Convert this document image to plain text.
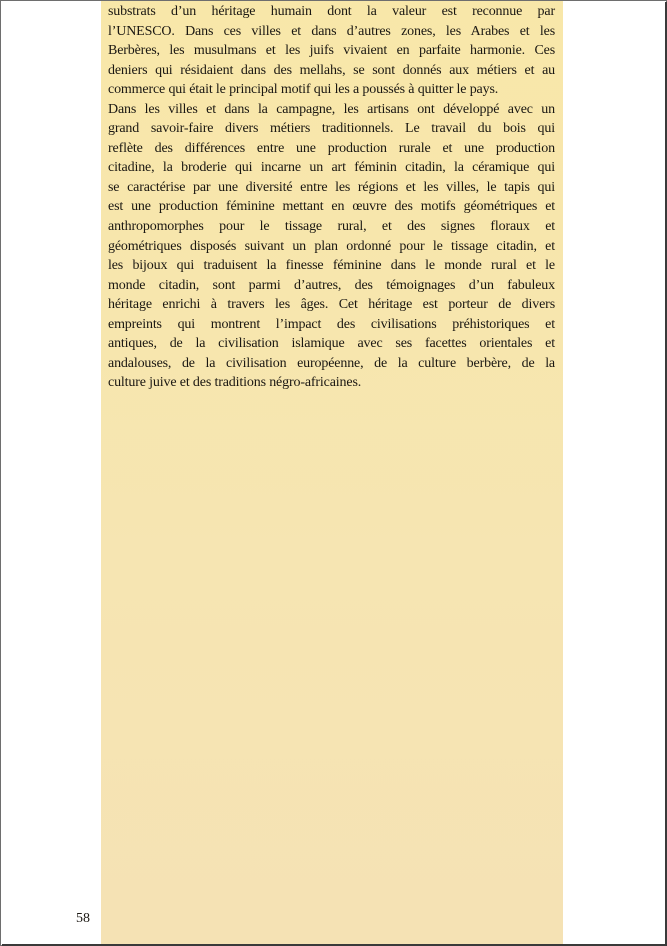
substrats d’un héritage humain dont la valeur est reconnue par
l’UNESCO. Dans ces villes et dans d’autres zones, les Arabes et les
Berbères, les musulmans et les juifs vivaient en parfaite harmonie. Ces
deniers qui résidaient dans des mellahs, se sont donnés aux métiers et au
commerce qui était le principal motif qui les a poussés à quitter le pays.
Dans les villes et dans la campagne, les artisans ont développé avec un
grand savoir-faire divers métiers traditionnels. Le travail du bois qui
reflète des différences entre une production rurale et une production
citadine, la broderie qui incarne un art féminin citadin, la céramique qui
se caractérise par une diversité entre les régions et les villes, le tapis qui
est une production féminine mettant en œuvre des motifs géométriques et
anthropomorphes pour le tissage rural, et des signes floraux et
géométriques disposés suivant un plan ordonné pour le tissage citadin, et
les bijoux qui traduisent la finesse féminine dans le monde rural et le
monde citadin, sont parmi d’autres, des témoignages d’un fabuleux
héritage enrichi à travers les âges. Cet héritage est porteur de divers
empreints qui montrent l’impact des civilisations préhistoriques et
antiques, de la civilisation islamique avec ses facettes orientales et
andalouses, de la civilisation européenne, de la culture berbère, de la
culture juive et des traditions négro-africaines.

58
